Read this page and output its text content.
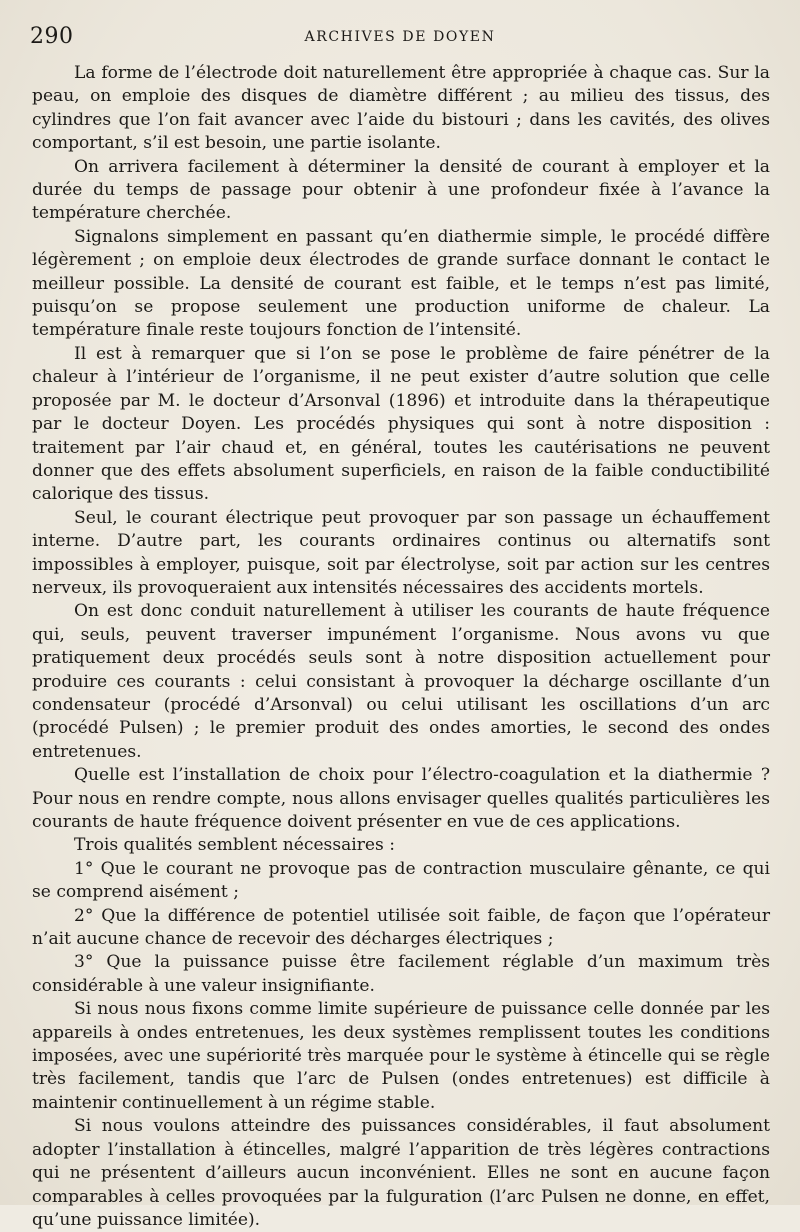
290	ARCHIVES DE DOYEN

La forme de l’électrode doit naturellement être appropriée à chaque cas. Sur la peau, on emploie des disques de diamètre différent ; au milieu des tissus, des cylindres que l’on fait avancer avec l’aide du bistouri ; dans les cavités, des olives comportant, s’il est besoin, une partie isolante.

On arrivera facilement à déterminer la densité de courant à employer et la durée du temps de passage pour obtenir à une profondeur fixée à l’avance la température cherchée.

Signalons simplement en passant qu’en diathermie simple, le procédé diffère légèrement ; on emploie deux électrodes de grande surface donnant le contact le meilleur possible. La densité de courant est faible, et le temps n’est pas limité, puisqu’on se propose seulement une production uniforme de chaleur. La température finale reste toujours fonction de l’intensité.

Il est à remarquer que si l’on se pose le problème de faire pénétrer de la chaleur à l’intérieur de l’organisme, il ne peut exister d’autre solution que celle proposée par M. le docteur d’Arsonval (1896) et introduite dans la thérapeutique par le docteur Doyen. Les procédés physiques qui sont à notre disposition : traitement par l’air chaud et, en général, toutes les cautérisations ne peuvent donner que des effets absolument superficiels, en raison de la faible conductibilité calorique des tissus.

Seul, le courant électrique peut provoquer par son passage un échauffement interne. D’autre part, les courants ordinaires continus ou alternatifs sont impossibles à employer, puisque, soit par électrolyse, soit par action sur les centres nerveux, ils provoqueraient aux intensités nécessaires des accidents mortels.

On est donc conduit naturellement à utiliser les courants de haute fréquence qui, seuls, peuvent traverser impunément l’organisme. Nous avons vu que pratiquement deux procédés seuls sont à notre disposition actuellement pour produire ces courants : celui consistant à provoquer la décharge oscillante d’un condensateur (procédé d’Arsonval) ou celui utilisant les oscillations d’un arc (procédé Pulsen) ; le premier produit des ondes amorties, le second des ondes entretenues.

Quelle est l’installation de choix pour l’électro-coagulation et la diathermie ? Pour nous en rendre compte, nous allons envisager quelles qualités particulières les courants de haute fréquence doivent présenter en vue de ces applications.

Trois qualités semblent nécessaires :

1° Que le courant ne provoque pas de contraction musculaire gênante, ce qui se comprend aisément ;

2° Que la différence de potentiel utilisée soit faible, de façon que l’opérateur n’ait aucune chance de recevoir des décharges électriques ;

3° Que la puissance puisse être facilement réglable d’un maximum très considérable à une valeur insignifiante.

Si nous nous fixons comme limite supérieure de puissance celle donnée par les appareils à ondes entretenues, les deux systèmes remplissent toutes les conditions imposées, avec une supériorité très marquée pour le système à étincelle qui se règle très facilement, tandis que l’arc de Pulsen (ondes entretenues) est difficile à maintenir continuellement à un régime stable.

Si nous voulons atteindre des puissances considérables, il faut absolument adopter l’installation à étincelles, malgré l’apparition de très légères contractions qui ne présentent d’ailleurs aucun inconvénient. Elles ne sont en aucune façon comparables à celles provoquées par la fulguration (l’arc Pulsen ne donne, en effet, qu’une puissance limitée).
